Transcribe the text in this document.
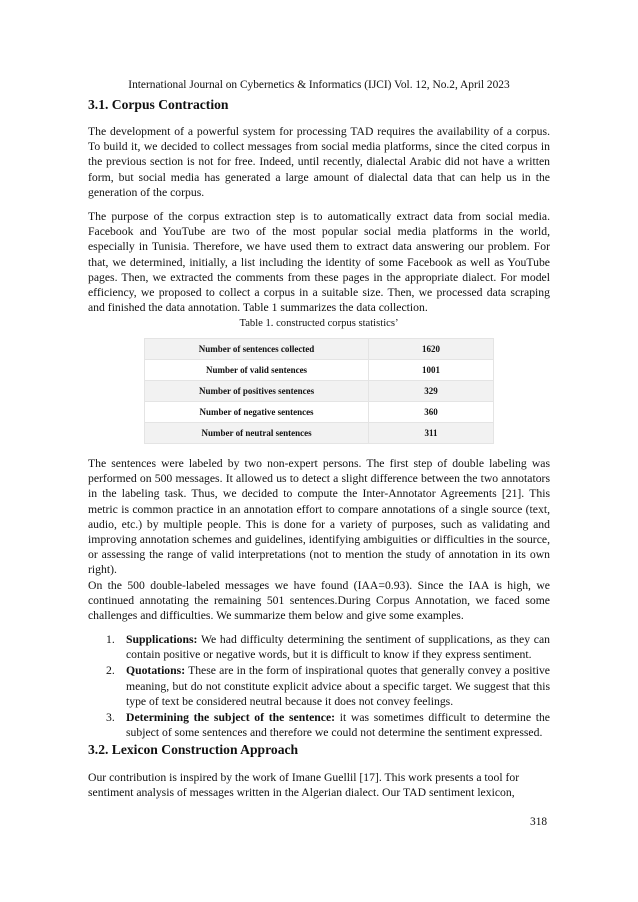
International Journal on Cybernetics & Informatics (IJCI) Vol. 12, No.2, April 2023
3.1. Corpus Contraction

The development of a powerful system for processing TAD requires the availability of a corpus. To build it, we decided to collect messages from social media platforms, since the cited corpus in the previous section is not for free. Indeed, until recently, dialectal Arabic did not have a written form, but social media has generated a large amount of dialectal data that can help us in the generation of the corpus.

The purpose of the corpus extraction step is to automatically extract data from social media. Facebook and YouTube are two of the most popular social media platforms in the world, especially in Tunisia. Therefore, we have used them to extract data answering our problem. For that, we determined, initially, a list including the identity of some Facebook as well as YouTube pages. Then, we extracted the comments from these pages in the appropriate dialect. For model efficiency, we proposed to collect a corpus in a suitable size. Then, we processed data scraping and finished the data annotation. Table 1 summarizes the data collection.

Table 1. constructed corpus statistics’
Number of sentences collected	1620
Number of valid sentences	1001
Number of positives sentences	329
Number of negative sentences	360
Number of neutral sentences	311

The sentences were labeled by two non-expert persons. The first step of double labeling was performed on 500 messages. It allowed us to detect a slight difference between the two annotators in the labeling task. Thus, we decided to compute the Inter-Annotator Agreements [21]. This metric is common practice in an annotation effort to compare annotations of a single source (text, audio, etc.) by multiple people. This is done for a variety of purposes, such as validating and improving annotation schemes and guidelines, identifying ambiguities or difficulties in the source, or assessing the range of valid interpretations (not to mention the study of annotation in its own right).

On the 500 double-labeled messages we have found (IAA=0.93). Since the IAA is high, we continued annotating the remaining 501 sentences.During Corpus Annotation, we faced some challenges and difficulties. We summarize them below and give some examples.

1. Supplications: We had difficulty determining the sentiment of supplications, as they can contain positive or negative words, but it is difficult to know if they express sentiment.
2. Quotations: These are in the form of inspirational quotes that generally convey a positive meaning, but do not constitute explicit advice about a specific target. We suggest that this type of text be considered neutral because it does not convey feelings.
3. Determining the subject of the sentence: it was sometimes difficult to determine the subject of some sentences and therefore we could not determine the sentiment expressed.
3.2. Lexicon Construction Approach

Our contribution is inspired by the work of Imane Guellil [17]. This work presents a tool for sentiment analysis of messages written in the Algerian dialect. Our TAD sentiment lexicon,

318
